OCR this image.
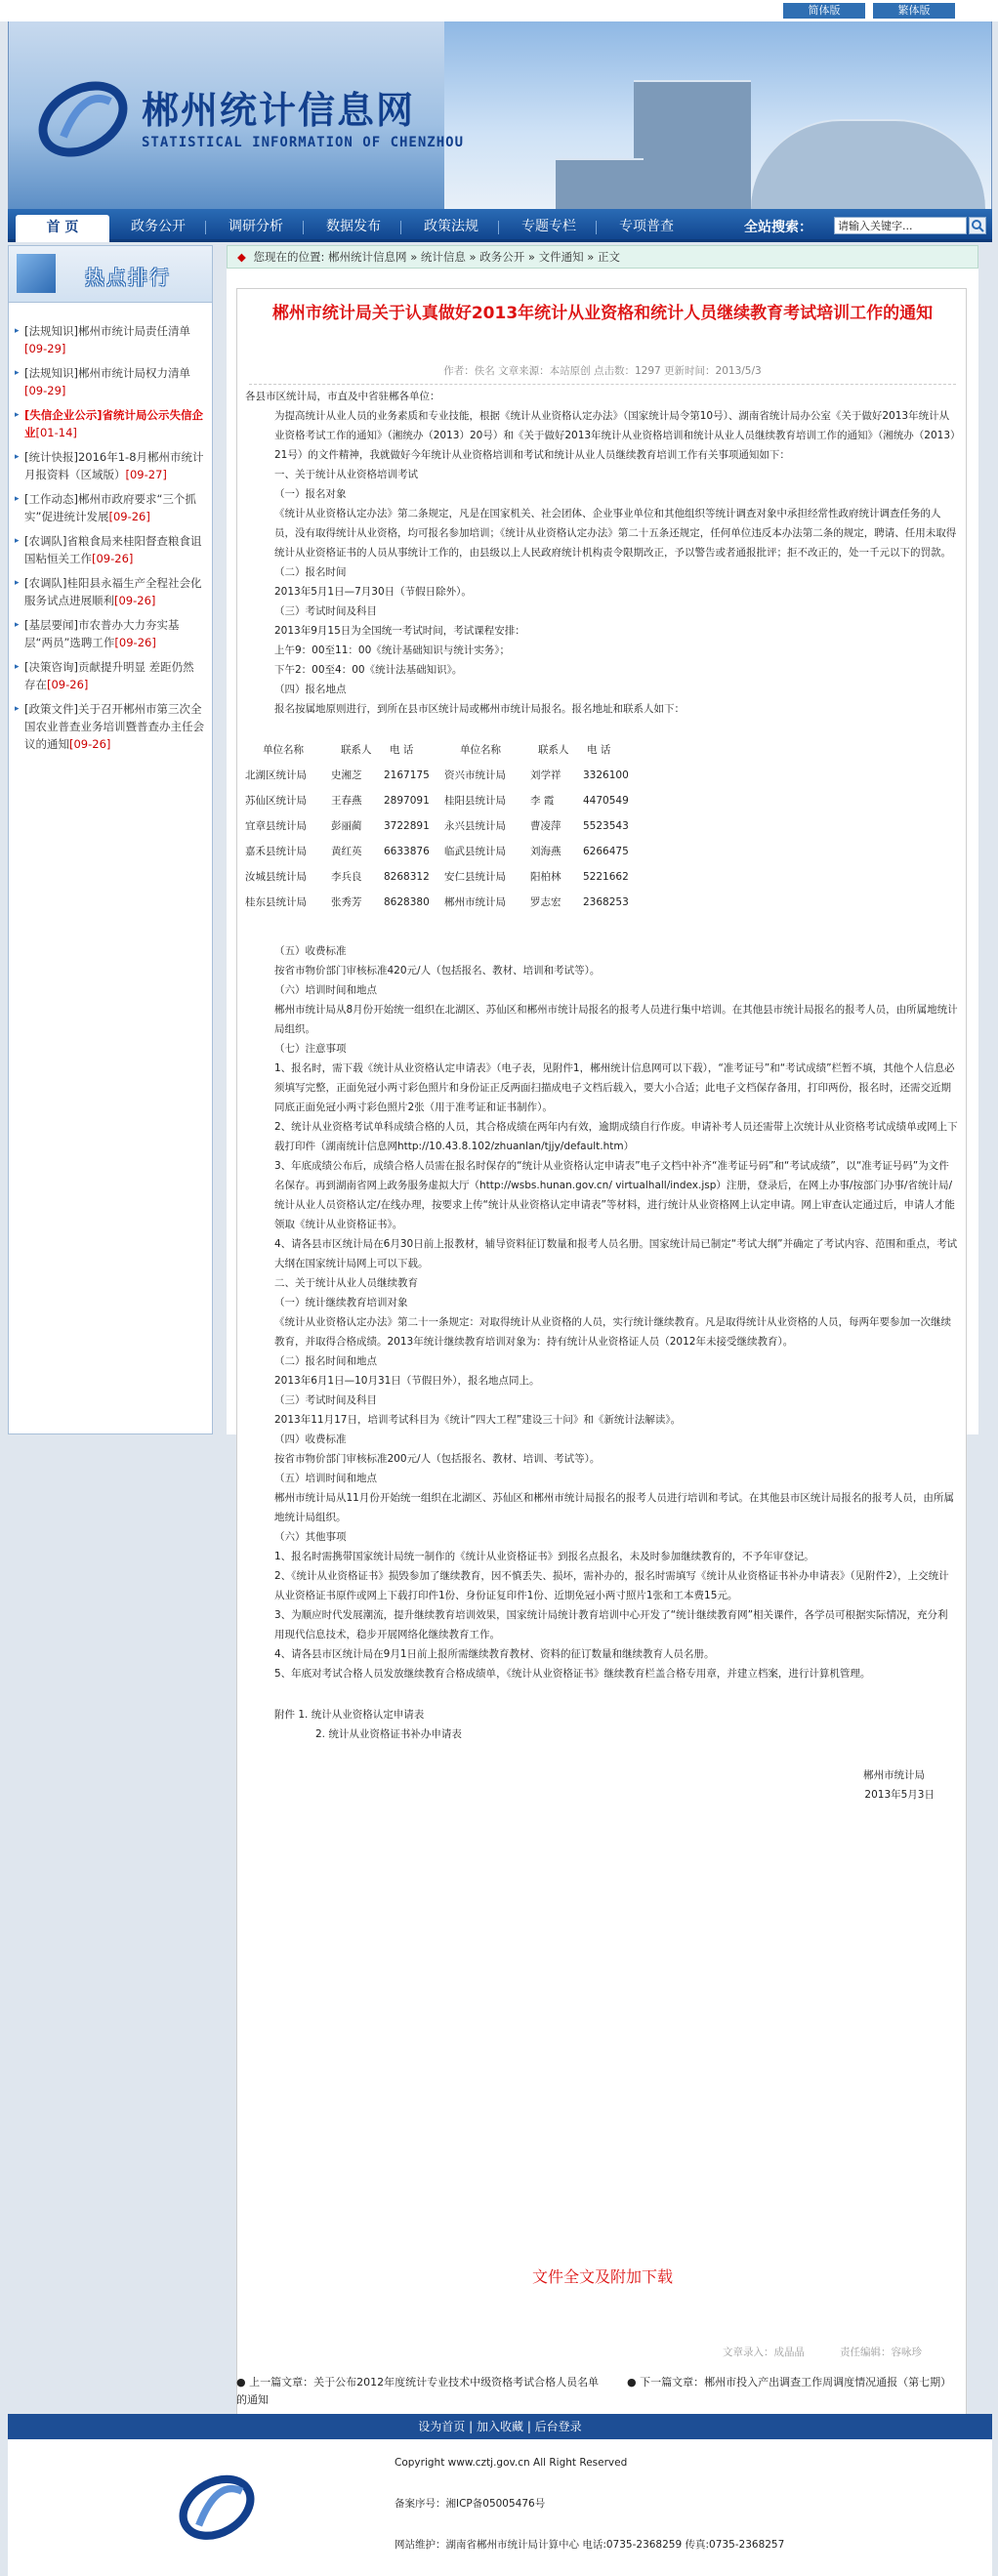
简体版	繁体版
郴州统计信息网
STATISTICAL INFORMATION OF CHENZHOU
首 页	政务公开	调研分析	数据发布	政策法规	专题专栏	专项普查	全站搜索：
请输入关键字...
热点排行
▸ [法规知识]郴州市统计局责任清单[09-29]
▸ [法规知识]郴州市统计局权力清单[09-29]
▸ [失信企业公示]省统计局公示失信企业[01-14]
▸ [统计快报]2016年1-8月郴州市统计月报资料（区域版）[09-27]
▸ [工作动态]郴州市政府要求“三个抓实”促进统计发展[09-26]
▸ [农调队]省粮食局来桂阳督查粮食诅国粘恒关工作[09-26]
▸ [农调队]桂阳县永福生产全程社会化服务试点进展顺利[09-26]
▸ [基层要闻]市农普办大力夯实基层“两员”选聘工作[09-26]
▸ [决策咨询]贡献提升明显 差距仍然存在[09-26]
▸ [政策文件]关于召开郴州市第三次全国农业普查业务培训暨普查办主任会议的通知[09-26]
◆ 您现在的位置: 郴州统计信息网 » 统计信息 » 政务公开 » 文件通知 » 正文
郴州市统计局关于认真做好2013年统计从业资格和统计人员继续教育考试培训工作的通知
作者：佚名 文章来源：本站原创 点击数：1297 更新时间：2013/5/3

各县市区统计局，市直及中省驻郴各单位：

为提高统计从业人员的业务素质和专业技能，根据《统计从业资格认定办法》（国家统计局令第10号）、湖南省统计局办公室《关于做好2013年统计从业资格考试工作的通知》（湘统办（2013）20号）和《关于做好2013年统计从业资格培训和统计从业人员继续教育培训工作的通知》（湘统办（2013）21号）的文件精神，我就做好今年统计从业资格培训和考试和统计从业人员继续教育培训工作有关事项通知如下：

一、关于统计从业资格培训考试

（一）报名对象

《统计从业资格认定办法》第二条规定，凡是在国家机关、社会团体、企业事业单位和其他组织等统计调查对象中承担经常性政府统计调查任务的人员，没有取得统计从业资格，均可报名参加培训；《统计从业资格认定办法》第二十五条还规定，任何单位违反本办法第二条的规定，聘请、任用未取得统计从业资格证书的人员从事统计工作的，由县级以上人民政府统计机构责令限期改正，予以警告或者通报批评；拒不改正的，处一千元以下的罚款。

（二）报名时间

2013年5月1日—7月30日（节假日除外）。

（三）考试时间及科目

2013年9月15日为全国统一考试时间，考试课程安排：

上午9：00至11：00《统计基础知识与统计实务》；

下午2：00至4：00《统计法基础知识》。

（四）报名地点

报名按属地原则进行，到所在县市区统计局或郴州市统计局报名。报名地址和联系人如下：

单位名称	联系人 电 话	单位名称	联系人 电 话
北湖区统计局 史湘芝 2167175 资兴市统计局 刘学祥 3326100
苏仙区统计局 王春燕 2897091 桂阳县统计局 李 霞	4470549
宜章县统计局 彭丽蔺 3722891 永兴县统计局 曹凌萍 5523543
嘉禾县统计局 黄红英 6633876 临武县统计局 刘海燕 6266475
汝城县统计局 李兵良 8268312 安仁县统计局 阳柏林 5221662
桂东县统计局 张秀芳 8628380 郴州市统计局 罗志宏 2368253

（五）收费标准

按省市物价部门审核标准420元/人（包括报名、教材、培训和考试等）。

（六）培训时间和地点

郴州市统计局从8月份开始统一组织在北湖区、苏仙区和郴州市统计局报名的报考人员进行集中培训。在其他县市统计局报名的报考人员，由所属地统计局组织。

（七）注意事项

1、报名时，需下载《统计从业资格认定申请表》（电子表，见附件1，郴州统计信息网可以下载），“准考证号”和“考试成绩”栏暂不填，其他个人信息必须填写完整，正面免冠小两寸彩色照片和身份证正反两面扫描成电子文档后载入，要大小合适；此电子文档保存备用，打印两份，报名时，还需交近期同底正面免冠小两寸彩色照片2张（用于准考证和证书制作）。

2、统计从业资格考试单科成绩合格的人员，其合格成绩在两年内有效，逾期成绩自行作废。申请补考人员还需带上次统计从业资格考试成绩单或网上下载打印件（湖南统计信息网http://10.43.8.102/zhuanlan/tjjy/default.htm）

3、年底成绩公布后，成绩合格人员需在报名时保存的“统计从业资格认定申请表”电子文档中补齐“准考证号码”和“考试成绩”，以“准考证号码”为文件名保存。再到湖南省网上政务服务虚拟大厅（http://wsbs.hunan.gov.cn/ virtualhall/index.jsp）注册，登录后，在网上办事/按部门办事/省统计局/统计从业人员资格认定/在线办理，按要求上传“统计从业资格认定申请表”等材料，进行统计从业资格网上认定申请。网上审查认定通过后，申请人才能领取《统计从业资格证书》。

4、请各县市区统计局在6月30日前上报教材，辅导资料征订数量和报考人员名册。国家统计局已制定“考试大纲”并确定了考试内容、范围和重点，考试大纲在国家统计局网上可以下载。

二、关于统计从业人员继续教育

（一）统计继续教育培训对象

《统计从业资格认定办法》第二十一条规定：对取得统计从业资格的人员，实行统计继续教育。凡是取得统计从业资格的人员，每两年要参加一次继续教育，并取得合格成绩。2013年统计继续教育培训对象为：持有统计从业资格证人员（2012年未接受继续教育）。

（二）报名时间和地点

2013年6月1日—10月31日（节假日外），报名地点同上。

（三）考试时间及科目

2013年11月17日，培训考试科目为《统计“四大工程”建设三十问》和《新统计法解读》。

（四）收费标准

按省市物价部门审核标准200元/人（包括报名、教材、培训、考试等）。

（五）培训时间和地点

郴州市统计局从11月份开始统一组织在北湖区、苏仙区和郴州市统计局报名的报考人员进行培训和考试。在其他县市区统计局报名的报考人员，由所属地统计局组织。

（六）其他事项

1、报名时需携带国家统计局统一制作的《统计从业资格证书》到报名点报名，未及时参加继续教育的，不予年审登记。

2、《统计从业资格证书》损毁参加了继续教育，因不慎丢失、损坏，需补办的，报名时需填写《统计从业资格证书补办申请表》（见附件2），上交统计从业资格证书原件或网上下载打印件1份、身份证复印件1份、近期免冠小两寸照片1张和工本费15元。

3、为顺应时代发展潮流，提升继续教育培训效果，国家统计局统计教育培训中心开发了“统计继续教育网”相关课件，各学员可根据实际情况，充分利用现代信息技术，稳步开展网络化继续教育工作。

4、请各县市区统计局在9月1日前上报所需继续教育教材、资料的征订数量和继续教育人员名册。

5、年底对考试合格人员发放继续教育合格成绩单，《统计从业资格证书》继续教育栏盖合格专用章，并建立档案，进行计算机管理。

附件 1. 统计从业资格认定申请表

2. 统计从业资格证书补办申请表

郴州市统计局

2013年5月3日

文件全文及附加下载
文章录入：成晶晶	责任编辑：容咏珍
● 上一篇文章：关于公布2012年度统计专业技术中级资格考试合格人员名单的通知
● 下一篇文章：郴州市投入产出调查工作周调度情况通报（第七期）
设为首页 | 加入收藏 | 后台登录
Copyright www.cztj.gov.cn All Right Reserved
备案序号：湘ICP备05005476号
网站维护：湖南省郴州市统计局计算中心 电话:0735-2368259 传真:0735-2368257
